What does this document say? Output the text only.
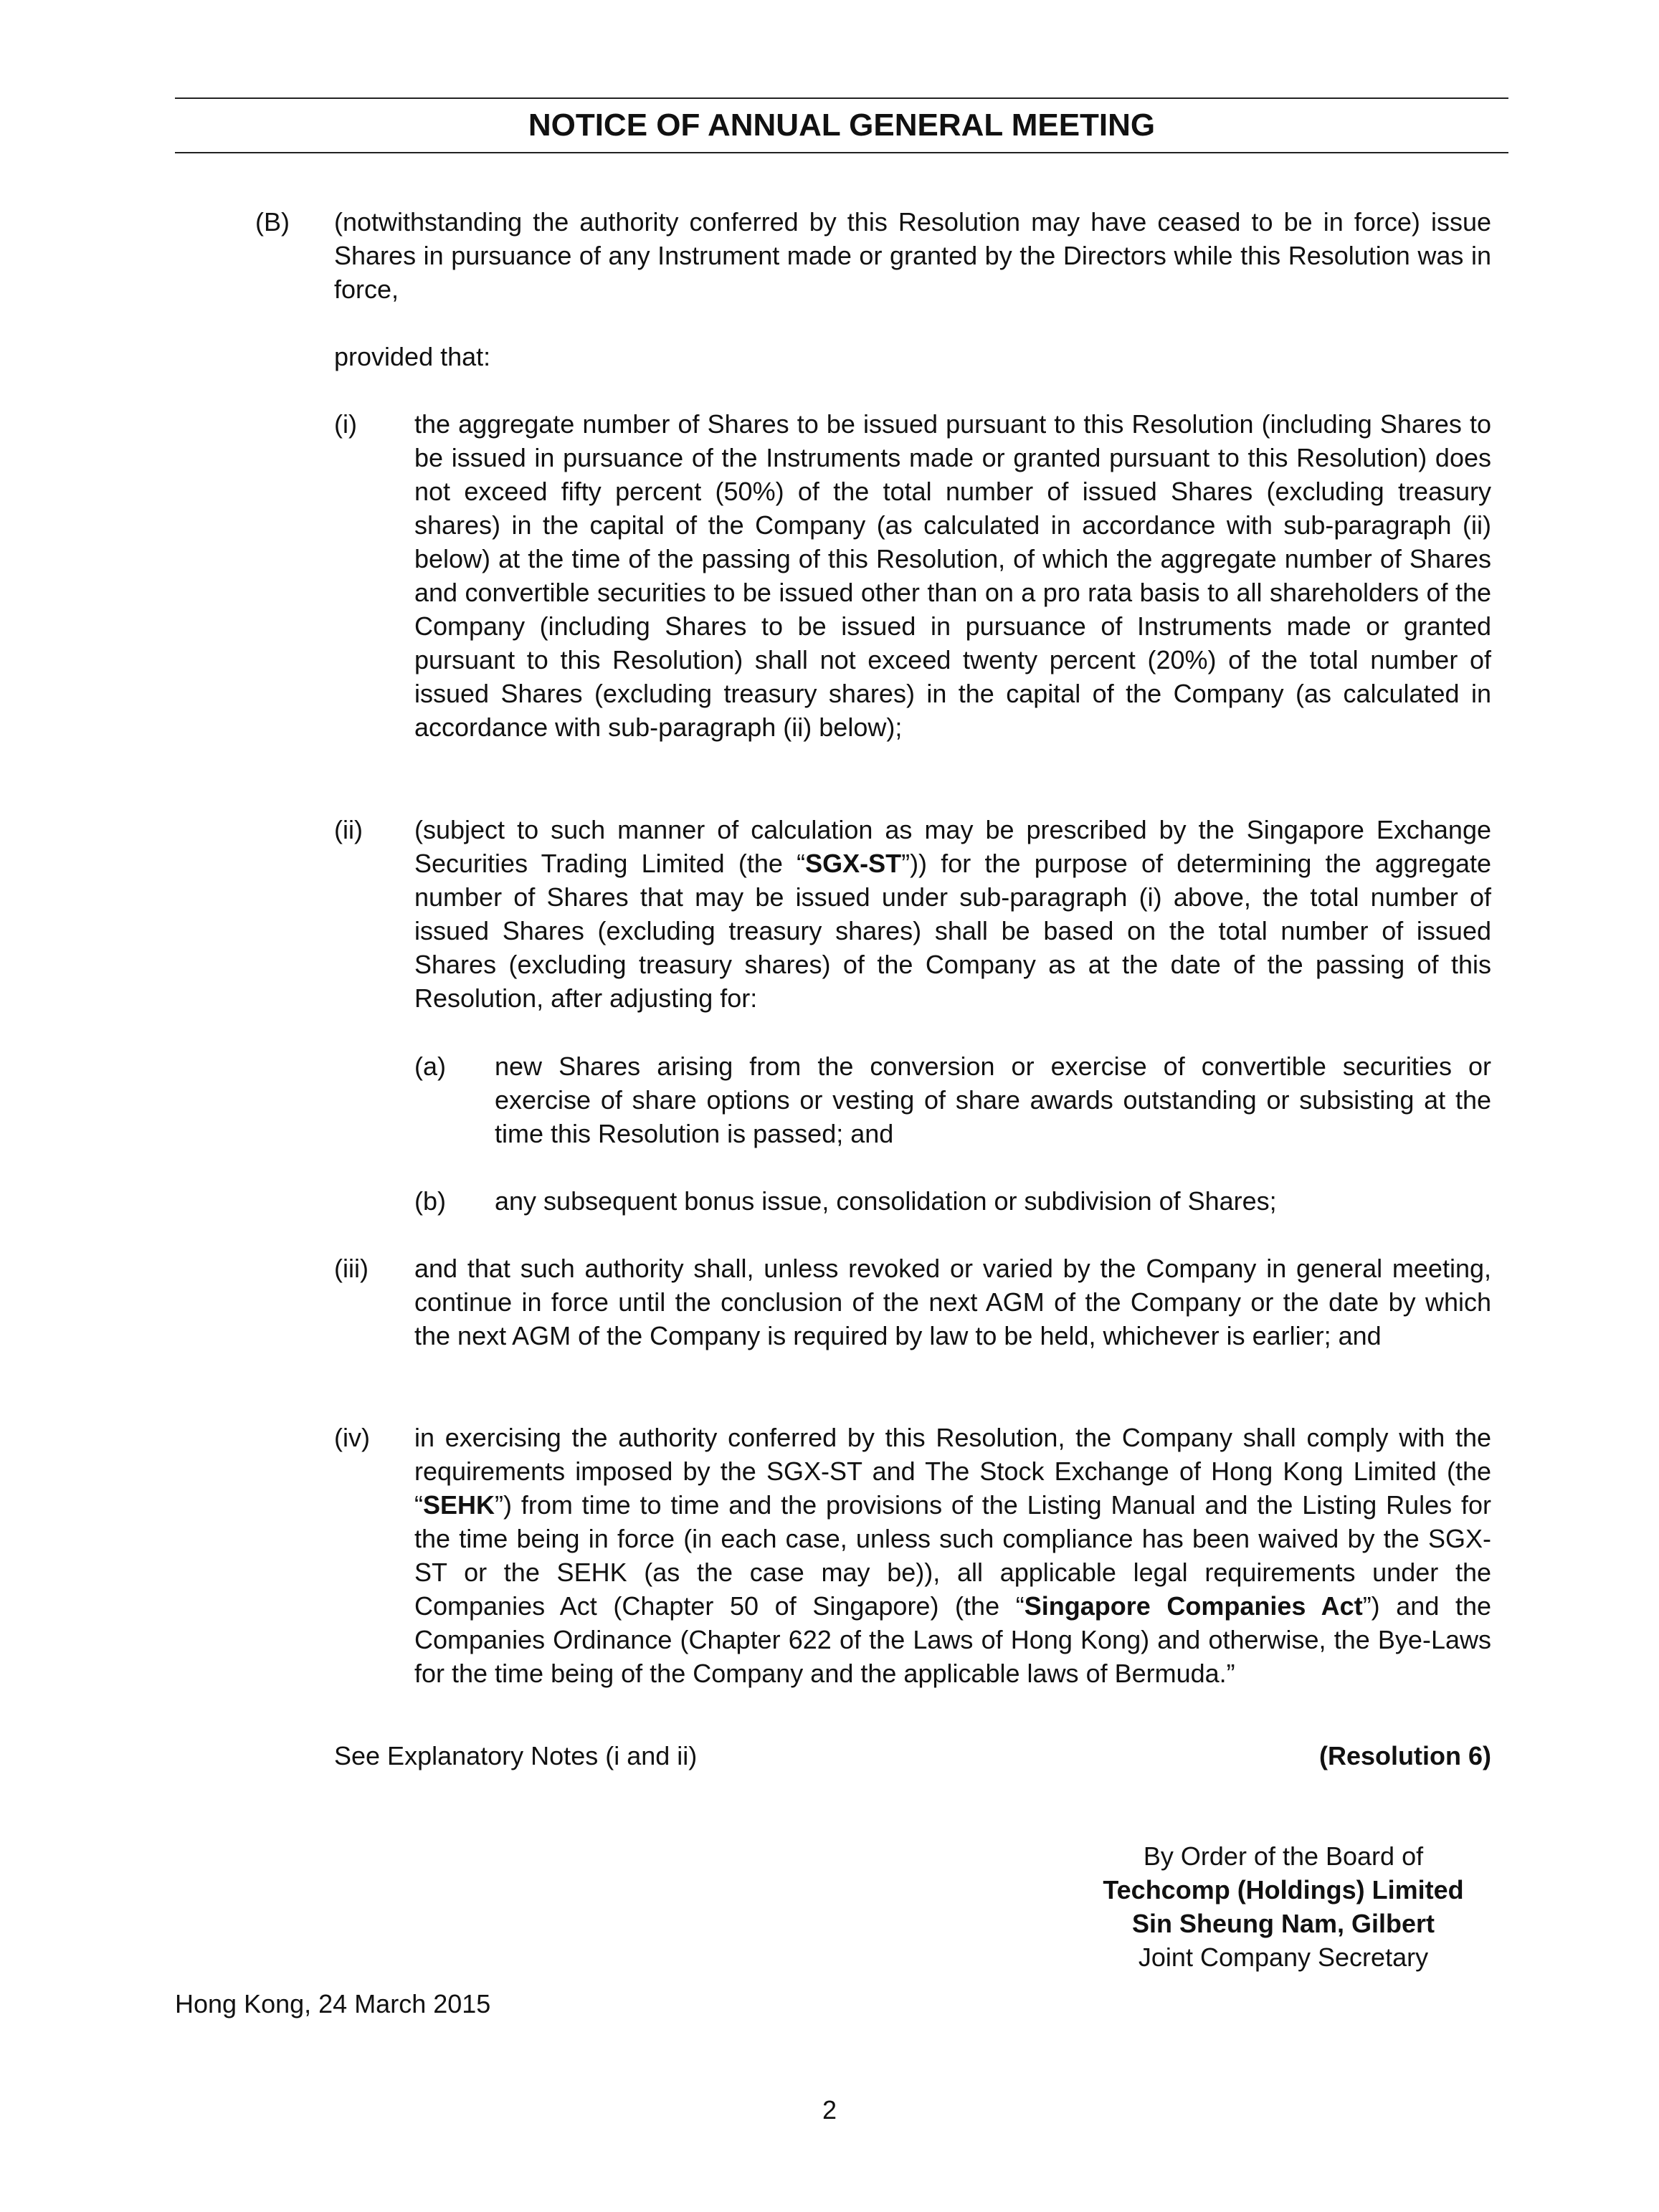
NOTICE OF ANNUAL GENERAL MEETING
(B) (notwithstanding the authority conferred by this Resolution may have ceased to be in force) issue Shares in pursuance of any Instrument made or granted by the Directors while this Resolution was in force,
provided that:
(i) the aggregate number of Shares to be issued pursuant to this Resolution (including Shares to be issued in pursuance of the Instruments made or granted pursuant to this Resolution) does not exceed fifty percent (50%) of the total number of issued Shares (excluding treasury shares) in the capital of the Company (as calculated in accordance with sub-paragraph (ii) below) at the time of the passing of this Resolution, of which the aggregate number of Shares and convertible securities to be issued other than on a pro rata basis to all shareholders of the Company (including Shares to be issued in pursuance of Instruments made or granted pursuant to this Resolution) shall not exceed twenty percent (20%) of the total number of issued Shares (excluding treasury shares) in the capital of the Company (as calculated in accordance with sub-paragraph (ii) below);
(ii) (subject to such manner of calculation as may be prescribed by the Singapore Exchange Securities Trading Limited (the “SGX-ST”)) for the purpose of determining the aggregate number of Shares that may be issued under sub-paragraph (i) above, the total number of issued Shares (excluding treasury shares) shall be based on the total number of issued Shares (excluding treasury shares) of the Company as at the date of the passing of this Resolution, after adjusting for:
(a) new Shares arising from the conversion or exercise of convertible securities or exercise of share options or vesting of share awards outstanding or subsisting at the time this Resolution is passed; and
(b) any subsequent bonus issue, consolidation or subdivision of Shares;
(iii) and that such authority shall, unless revoked or varied by the Company in general meeting, continue in force until the conclusion of the next AGM of the Company or the date by which the next AGM of the Company is required by law to be held, whichever is earlier; and
(iv) in exercising the authority conferred by this Resolution, the Company shall comply with the requirements imposed by the SGX-ST and The Stock Exchange of Hong Kong Limited (the “SEHK”) from time to time and the provisions of the Listing Manual and the Listing Rules for the time being in force (in each case, unless such compliance has been waived by the SGX-ST or the SEHK (as the case may be)), all applicable legal requirements under the Companies Act (Chapter 50 of Singapore) (the “Singapore Companies Act”) and the Companies Ordinance (Chapter 622 of the Laws of Hong Kong) and otherwise, the Bye-Laws for the time being of the Company and the applicable laws of Bermuda.”
See Explanatory Notes (i and ii)	(Resolution 6)
By Order of the Board of
Techcomp (Holdings) Limited
Sin Sheung Nam, Gilbert
Joint Company Secretary
Hong Kong, 24 March 2015
2
